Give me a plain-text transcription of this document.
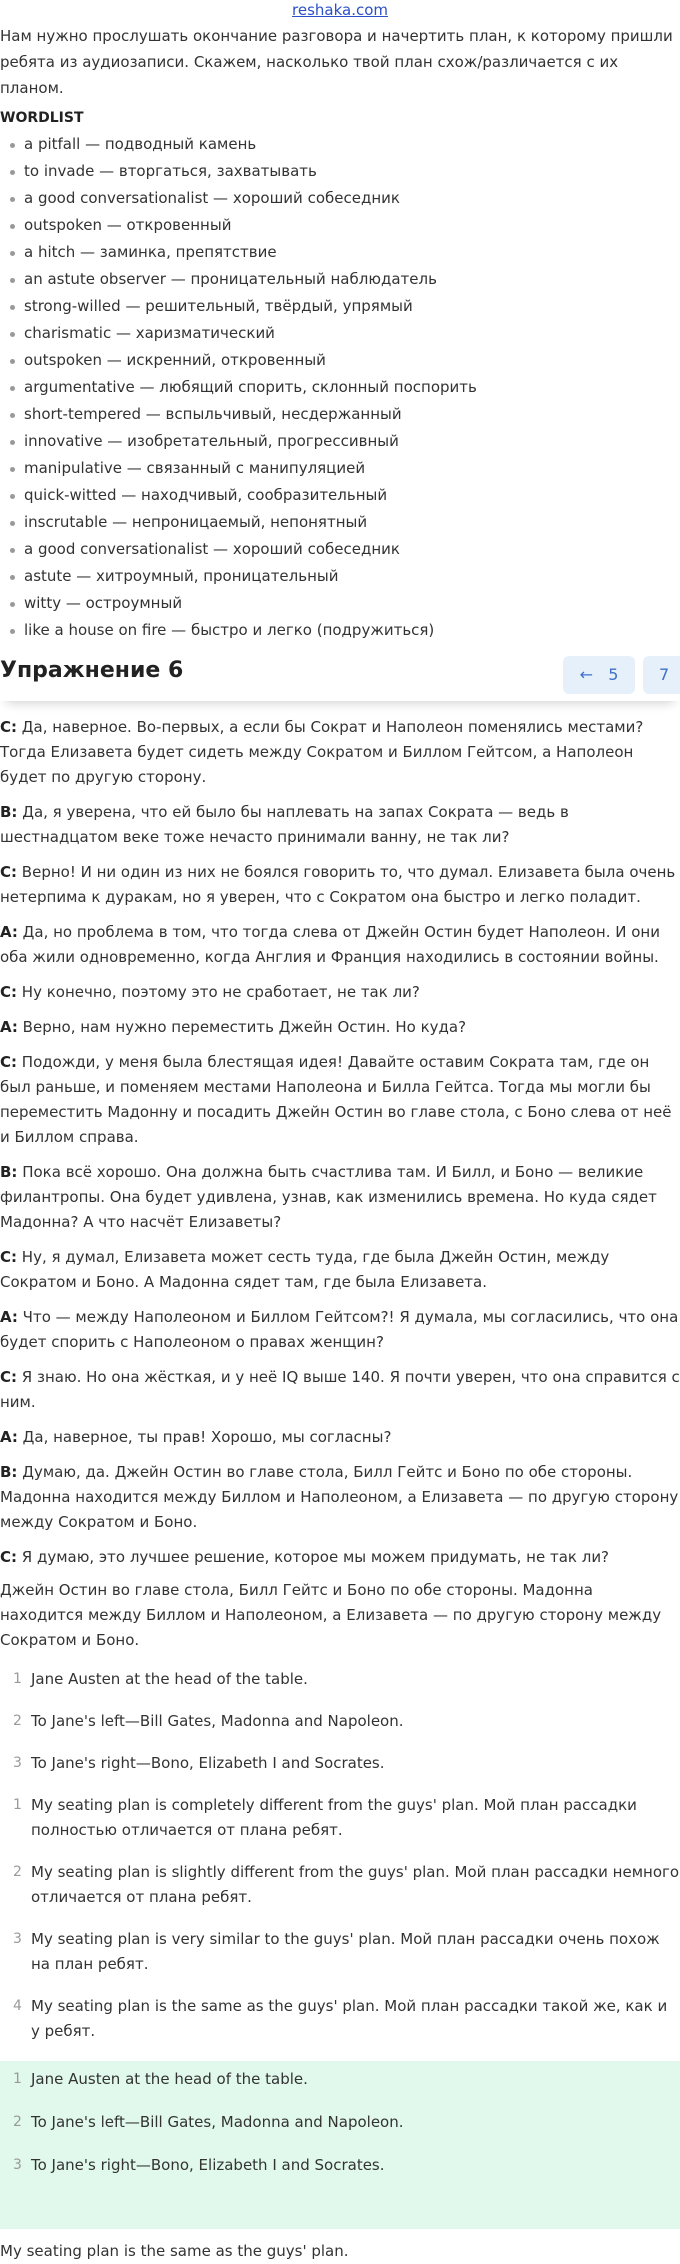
reshaka.com

Нам нужно прослушать окончание разговора и начертить план, к которому пришли ребята из аудиозаписи. Скажем, насколько твой план схож/различается с их планом.

WORDLIST
a pitfall — подводный камень
to invade — вторгаться, захватывать
a good conversationalist — хороший собеседник
outspoken — откровенный
a hitch — заминка, препятствие
an astute observer — проницательный наблюдатель
strong-willed — решительный, твёрдый, упрямый
charismatic — харизматический
outspoken — искренний, откровенный
argumentative — любящий спорить, склонный поспорить
short-tempered — вспыльчивый, несдержанный
innovative — изобретательный, прогрессивный
manipulative — связанный с манипуляцией
quick-witted — находчивый, сообразительный
inscrutable — непроницаемый, непонятный
a good conversationalist — хороший собеседник
astute — хитроумный, проницательный
witty — остроумный
like a house on fire — быстро и легко (подружиться)
Упражнение 6	← 5	7

C: Да, наверное. Во-первых, а если бы Сократ и Наполеон поменялись местами? Тогда Елизавета будет сидеть между Сократом и Биллом Гейтсом, а Наполеон будет по другую сторону.

B: Да, я уверена, что ей было бы наплевать на запах Сократа — ведь в шестнадцатом веке тоже нечасто принимали ванну, не так ли?

C: Верно! И ни один из них не боялся говорить то, что думал. Елизавета была очень нетерпима к дуракам, но я уверен, что с Сократом она быстро и легко поладит.

A: Да, но проблема в том, что тогда слева от Джейн Остин будет Наполеон. И они оба жили одновременно, когда Англия и Франция находились в состоянии войны.

C: Ну конечно, поэтому это не сработает, не так ли?

A: Верно, нам нужно переместить Джейн Остин. Но куда?

C: Подожди, у меня была блестящая идея! Давайте оставим Сократа там, где он был раньше, и поменяем местами Наполеона и Билла Гейтса. Тогда мы могли бы переместить Мадонну и посадить Джейн Остин во главе стола, с Боно слева от неё и Биллом справа.

B: Пока всё хорошо. Она должна быть счастлива там. И Билл, и Боно — великие филантропы. Она будет удивлена, узнав, как изменились времена. Но куда сядет Мадонна? А что насчёт Елизаветы?

C: Ну, я думал, Елизавета может сесть туда, где была Джейн Остин, между Сократом и Боно. А Мадонна сядет там, где была Елизавета.

A: Что — между Наполеоном и Биллом Гейтсом?! Я думала, мы согласились, что она будет спорить с Наполеоном о правах женщин?

C: Я знаю. Но она жёсткая, и у неё IQ выше 140. Я почти уверен, что она справится с ним.

A: Да, наверное, ты прав! Хорошо, мы согласны?

B: Думаю, да. Джейн Остин во главе стола, Билл Гейтс и Боно по обе стороны. Мадонна находится между Биллом и Наполеоном, а Елизавета — по другую сторону между Сократом и Боно.

C: Я думаю, это лучшее решение, которое мы можем придумать, не так ли?

Джейн Остин во главе стола, Билл Гейтс и Боно по обе стороны. Мадонна находится между Биллом и Наполеоном, а Елизавета — по другую сторону между Сократом и Боно.
1 Jane Austen at the head of the table.
2 To Jane's left—Bill Gates, Madonna and Napoleon.
3 To Jane's right—Bono, Elizabeth I and Socrates.
1 My seating plan is completely different from the guys' plan. Мой план рассадки полностью отличается от плана ребят.
2 My seating plan is slightly different from the guys' plan. Мой план рассадки немного отличается от плана ребят.
3 My seating plan is very similar to the guys' plan. Мой план рассадки очень похож на план ребят.
4 My seating plan is the same as the guys' plan. Мой план рассадки такой же, как и у ребят.
1 Jane Austen at the head of the table.
2 To Jane's left—Bill Gates, Madonna and Napoleon.
3 To Jane's right—Bono, Elizabeth I and Socrates.
My seating plan is the same as the guys' plan.
